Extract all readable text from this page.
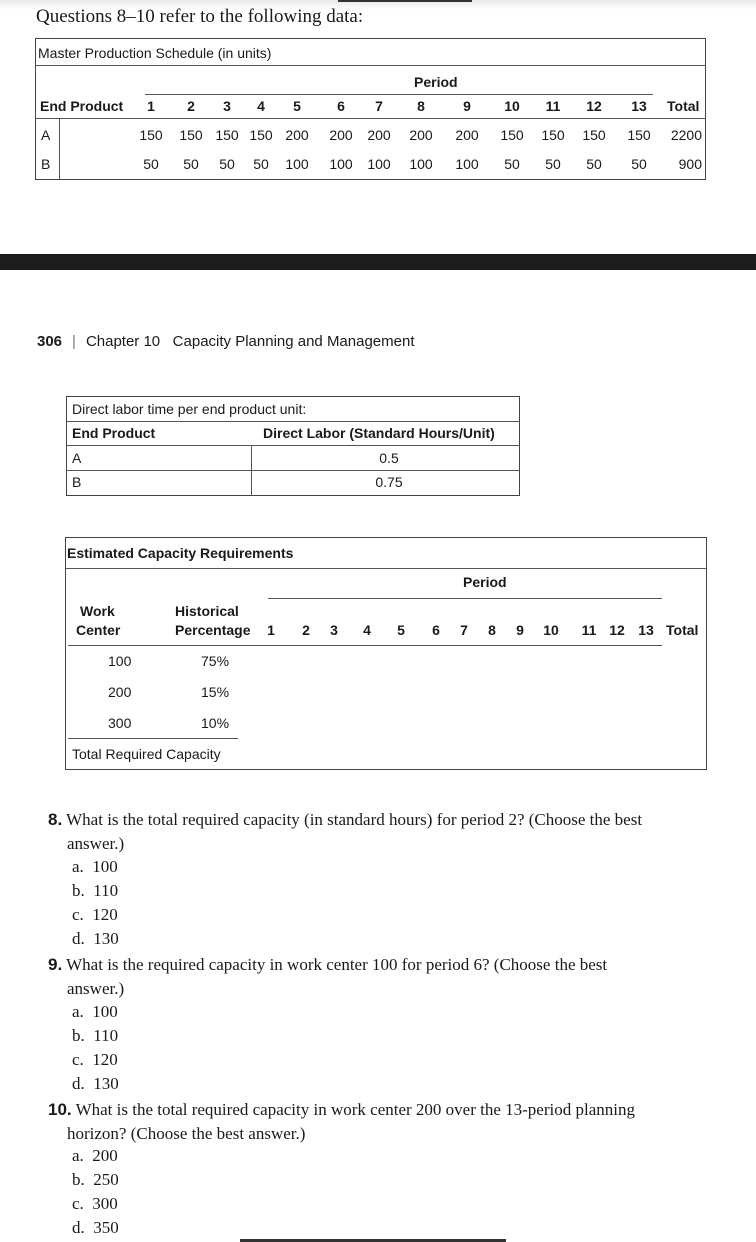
Questions 8–10 refer to the following data:
Master Production Schedule (in units)
Period
End Product	1	2	3	4	5	6	7	8	9	10	11	12	13	Total
A	150	150 150 150 200	200	200	200	200	150	150	150	150	2200
B	50	50	50	50	100	100	100	100	100	50	50	50	50	900
306 | Chapter 10 Capacity Planning and Management
Direct labor time per end product unit:
End Product	Direct Labor (Standard Hours/Unit)
A	0.5
B	0.75
Estimated Capacity Requirements
Period
Work
Center
Historical
Percentage	1	2	3	4	5	6	7	8	9	10	11 12 13 Total
100	75%
200	15%
300	10%
Total Required Capacity
8. What is the total required capacity (in standard hours) for period 2? (Choose the best
answer.)
a. 100
b. 110
c. 120
d. 130
9. What is the required capacity in work center 100 for period 6? (Choose the best
answer.)
a. 100
b. 110
c. 120
d. 130
10. What is the total required capacity in work center 200 over the 13-period planning
horizon? (Choose the best answer.)
a. 200
b. 250
c. 300
d. 350
